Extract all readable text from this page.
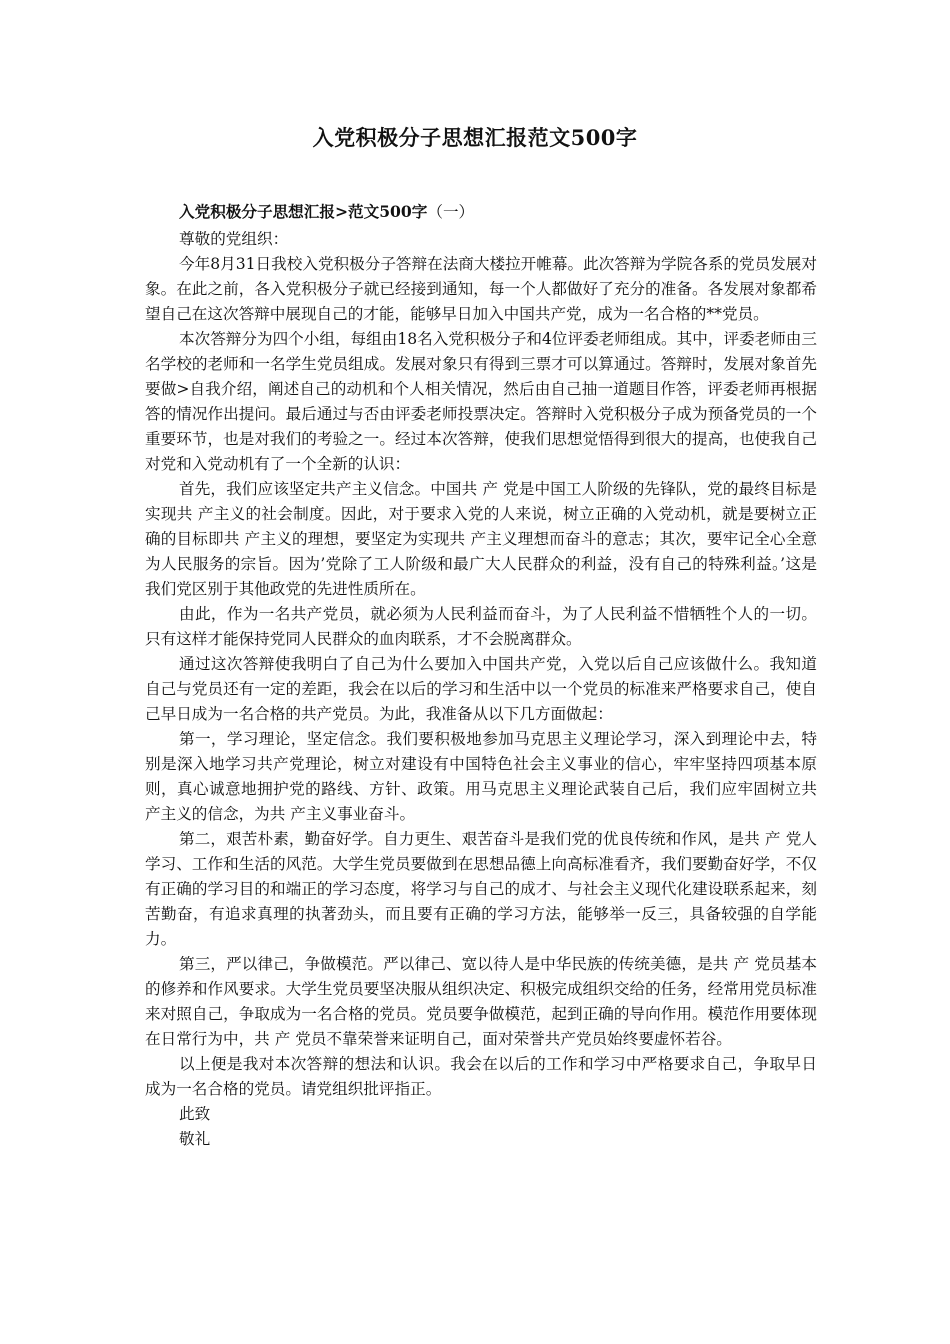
入党积极分子思想汇报范文500字
入党积极分子思想汇报>范文500字（一）

尊敬的党组织：

今年8月31日我校入党积极分子答辩在法商大楼拉开帷幕。此次答辩为学院各系的党员发展对象。在此之前，各入党积极分子就已经接到通知，每一个人都做好了充分的准备。各发展对象都希望自己在这次答辩中展现自己的才能，能够早日加入中国共产党，成为一名合格的**党员。

本次答辩分为四个小组，每组由18名入党积极分子和4位评委老师组成。其中，评委老师由三名学校的老师和一名学生党员组成。发展对象只有得到三票才可以算通过。答辩时，发展对象首先要做>自我介绍，阐述自己的动机和个人相关情况，然后由自己抽一道题目作答，评委老师再根据答的情况作出提问。最后通过与否由评委老师投票决定。答辩时入党积极分子成为预备党员的一个重要环节，也是对我们的考验之一。经过本次答辩，使我们思想觉悟得到很大的提高，也使我自己对党和入党动机有了一个全新的认识：

首先，我们应该坚定共产主义信念。中国共 产 党是中国工人阶级的先锋队，党的最终目标是实现共 产主义的社会制度。因此，对于要求入党的人来说，树立正确的入党动机，就是要树立正确的目标即共 产主义的理想，要坚定为实现共 产主义理想而奋斗的意志；其次，要牢记全心全意为人民服务的宗旨。因为’党除了工人阶级和最广大人民群众的利益，没有自己的特殊利益。’这是我们党区别于其他政党的先进性质所在。

由此，作为一名共产党员，就必须为人民利益而奋斗，为了人民利益不惜牺牲个人的一切。只有这样才能保持党同人民群众的血肉联系，才不会脱离群众。

通过这次答辩使我明白了自己为什么要加入中国共产党，入党以后自己应该做什么。我知道自己与党员还有一定的差距，我会在以后的学习和生活中以一个党员的标准来严格要求自己，使自己早日成为一名合格的共产党员。为此，我准备从以下几方面做起：

第一，学习理论，坚定信念。我们要积极地参加马克思主义理论学习，深入到理论中去，特别是深入地学习共产党理论，树立对建设有中国特色社会主义事业的信心，牢牢坚持四项基本原则，真心诚意地拥护党的路线、方针、政策。用马克思主义理论武装自己后，我们应牢固树立共 产主义的信念，为共 产主义事业奋斗。

第二，艰苦朴素，勤奋好学。自力更生、艰苦奋斗是我们党的优良传统和作风，是共 产 党人学习、工作和生活的风范。大学生党员要做到在思想品德上向高标准看齐，我们要勤奋好学，不仅有正确的学习目的和端正的学习态度，将学习与自己的成才、与社会主义现代化建设联系起来，刻苦勤奋，有追求真理的执著劲头，而且要有正确的学习方法，能够举一反三，具备较强的自学能力。

第三，严以律己，争做模范。严以律己、宽以待人是中华民族的传统美德，是共 产 党员基本的修养和作风要求。大学生党员要坚决服从组织决定、积极完成组织交给的任务，经常用党员标准来对照自己，争取成为一名合格的党员。党员要争做模范，起到正确的导向作用。模范作用要体现在日常行为中，共 产 党员不靠荣誉来证明自己，面对荣誉共产党员始终要虚怀若谷。

以上便是我对本次答辩的想法和认识。我会在以后的工作和学习中严格要求自己，争取早日成为一名合格的党员。请党组织批评指正。

此致

敬礼
